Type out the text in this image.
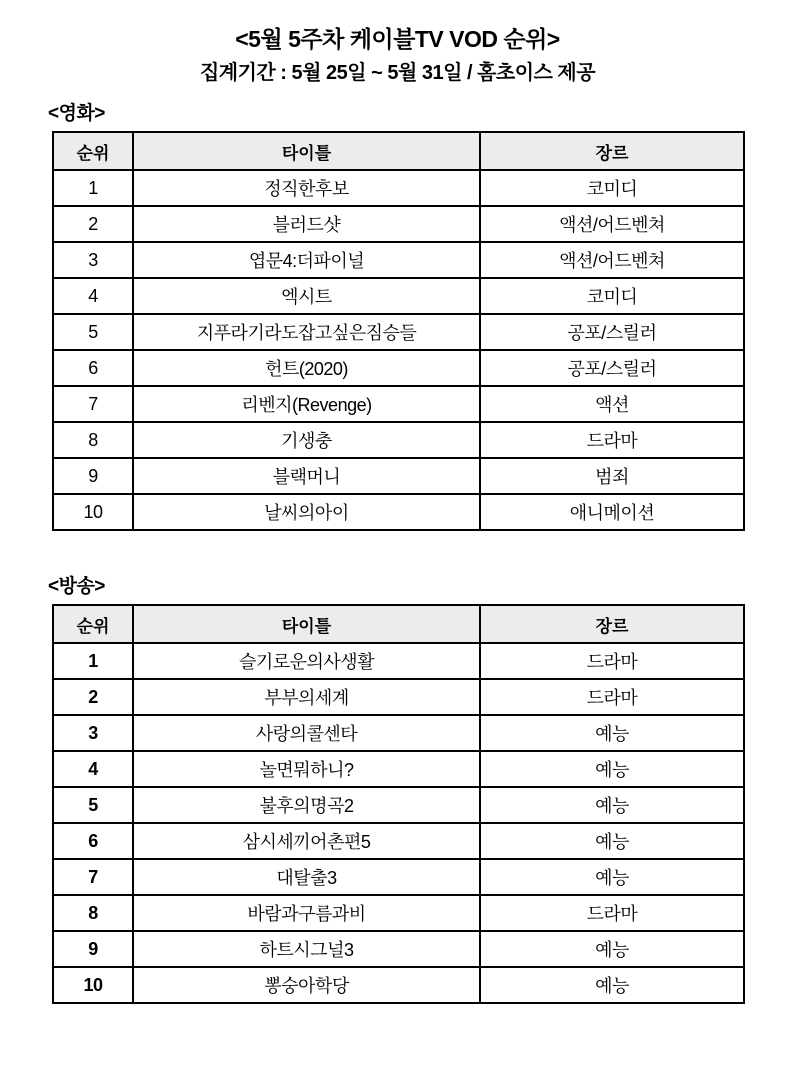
<5월 5주차 케이블TV VOD 순위>
집계기간 : 5월 25일 ~ 5월 31일 / 홈초이스 제공
<영화>
순위	타이틀	장르
1	정직한후보	코미디
2	블러드샷	액션/어드벤쳐
3	엽문4:더파이널	액션/어드벤쳐
4	엑시트	코미디
5	지푸라기라도잡고싶은짐승들	공포/스릴러
6	헌트(2020)	공포/스릴러
7	리벤지(Revenge)	액션
8	기생충	드라마
9	블랙머니	범죄
10	날씨의아이	애니메이션
<방송>
순위	타이틀	장르
1	슬기로운의사생활	드라마
2	부부의세계	드라마
3	사랑의콜센타	예능
4	놀면뭐하니?	예능
5	불후의명곡2	예능
6	삼시세끼어촌편5	예능
7	대탈출3	예능
8	바람과구름과비	드라마
9	하트시그널3	예능
10	뽕숭아학당	예능
